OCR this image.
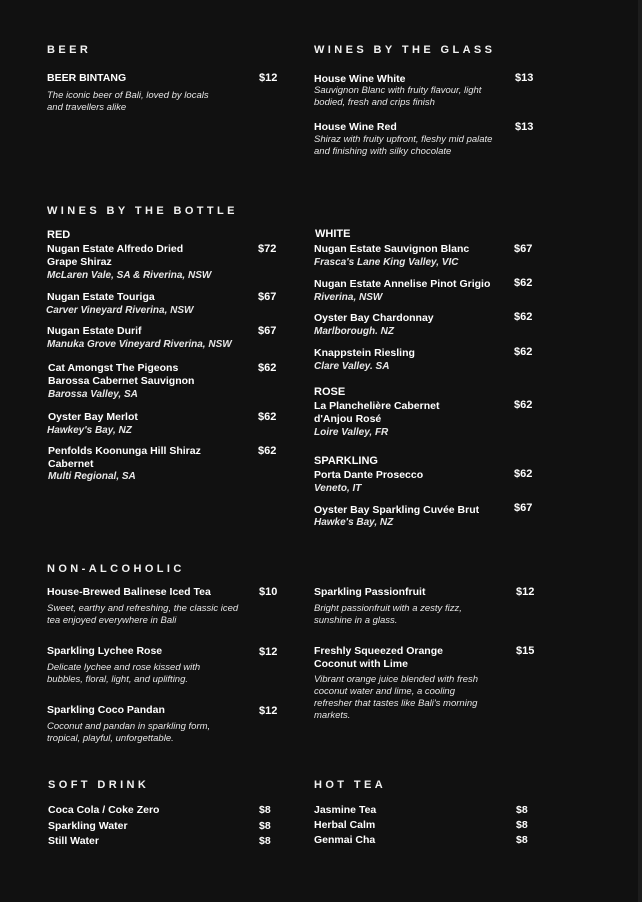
BEER
BEER BINTANG
The iconic beer of Bali, loved by locals and travellers alike
$12
WINES BY THE GLASS
House Wine White
Sauvignon Blanc with fruity flavour, light bodied, fresh and crips finish
$13
House Wine Red
Shiraz with fruity upfront, fleshy mid palate and finishing with silky chocolate
$13
WINES BY THE BOTTLE
RED
Nugan Estate Alfredo Dried Grape Shiraz
McLaren Vale, SA & Riverina, NSW
$72
Nugan Estate Touriga
Carver Vineyard Riverina, NSW
$67
Nugan Estate Durif
Manuka Grove Vineyard Riverina, NSW
$67
Cat Amongst The Pigeons Barossa Cabernet Sauvignon
Barossa Valley, SA
$62
Oyster Bay Merlot
Hawkey's Bay, NZ
$62
Penfolds Koonunga Hill Shiraz Cabernet
Multi Regional, SA
$62
WHITE
Nugan Estate Sauvignon Blanc
Frasca's Lane King Valley, VIC
$67
Nugan Estate Annelise Pinot Grigio
Riverina, NSW
$62
Oyster Bay Chardonnay
Marlborough. NZ
$62
Knappstein Riesling
Clare Valley. SA
$62
ROSE
La Planchelière Cabernet d'Anjou Rosé
Loire Valley, FR
$62
SPARKLING
Porta Dante Prosecco
Veneto, IT
$62
Oyster Bay Sparkling Cuvée Brut
Hawke's Bay, NZ
$67
NON-ALCOHOLIC
House-Brewed Balinese Iced Tea
Sweet, earthy and refreshing, the classic iced tea enjoyed everywhere in Bali
$10
Sparkling Lychee Rose
Delicate lychee and rose kissed with bubbles, floral, light, and uplifting.
$12
Sparkling Coco Pandan
Coconut and pandan in sparkling form, tropical, playful, unforgettable.
$12
Sparkling Passionfruit
Bright passionfruit with a zesty fizz, sunshine in a glass.
$12
Freshly Squeezed Orange Coconut with Lime
Vibrant orange juice blended with fresh coconut water and lime, a cooling refresher that tastes like Bali's morning markets.
$15
SOFT DRINK
Coca Cola / Coke Zero	$8
Sparkling Water	$8
Still Water	$8
HOT TEA
Jasmine Tea	$8
Herbal Calm	$8
Genmai Cha	$8
